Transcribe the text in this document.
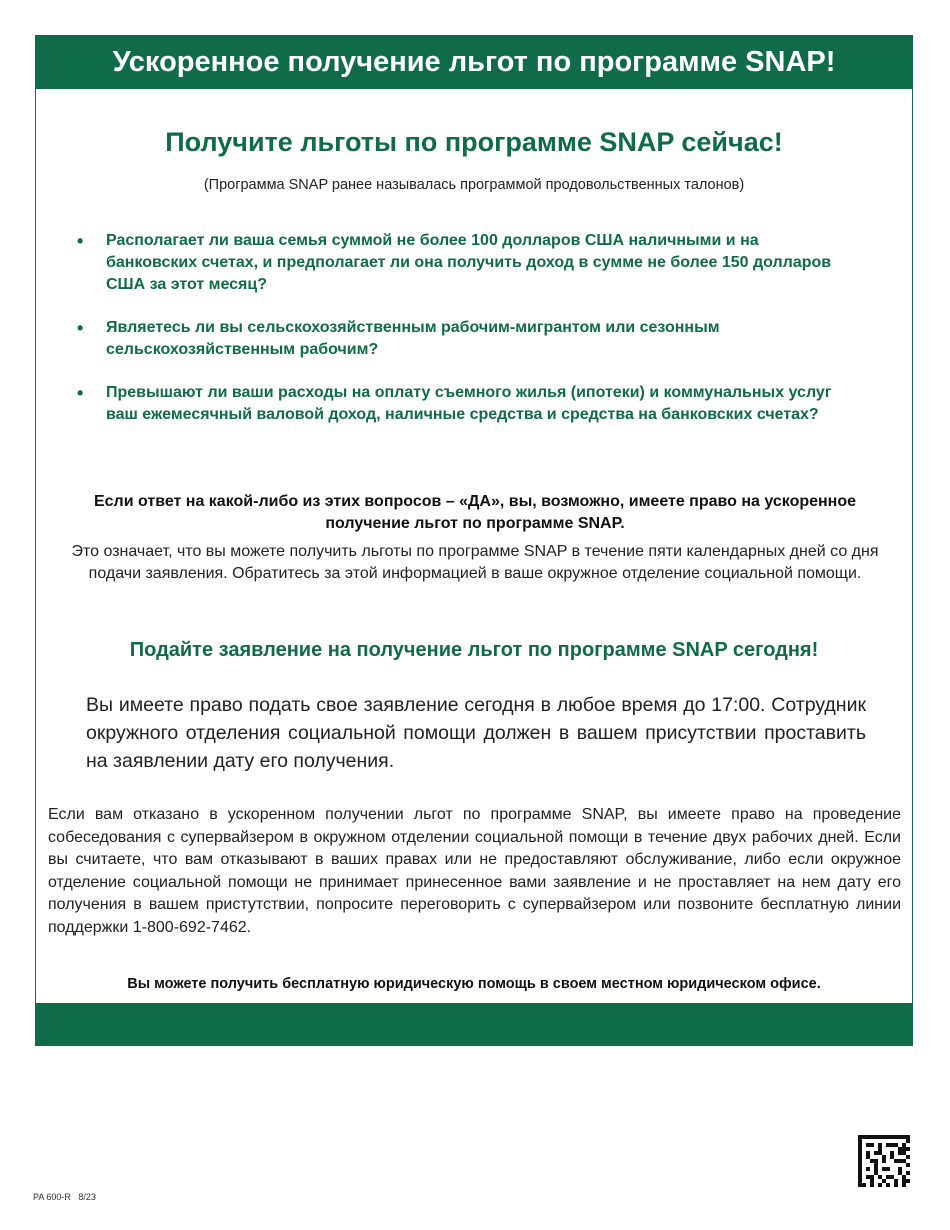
Ускоренное получение льгот по программе SNAP!
Получите льготы по программе SNAP сейчас!
(Программа SNAP ранее называлась программой продовольственных талонов)
• Располагает ли ваша семья суммой не более 100 долларов США наличными и на банковских счетах, и предполагает ли она получить доход в сумме не более 150 долларов США за этот месяц?
• Являетесь ли вы сельскохозяйственным рабочим-мигрантом или сезонным сельскохозяйственным рабочим?
• Превышают ли ваши расходы на оплату съемного жилья (ипотеки) и коммунальных услуг ваш ежемесячный валовой доход, наличные средства и средства на банковских счетах?
Если ответ на какой-либо из этих вопросов – «ДА», вы, возможно, имеете право на ускоренное получение льгот по программе SNAP.
Это означает, что вы можете получить льготы по программе SNAP в течение пяти календарных дней со дня подачи заявления. Обратитесь за этой информацией в ваше окружное отделение социальной помощи.
Подайте заявление на получение льгот по программе SNAP сегодня!
Вы имеете право подать свое заявление сегодня в любое время до 17:00. Сотрудник окружного отделения социальной помощи должен в вашем присутствии проставить на заявлении дату его получения.
Если вам отказано в ускоренном получении льгот по программе SNAP, вы имеете право на проведение собеседования с супервайзером в окружном отделении социальной помощи в течение двух рабочих дней. Если вы считаете, что вам отказывают в ваших правах или не предоставляют обслуживание, либо если окружное отделение социальной помощи не принимает принесенное вами заявление и не проставляет на нем дату его получения в вашем пристутствии, попросите переговорить с супервайзером или позвоните бесплатную линии поддержки 1-800-692-7462.
Вы можете получить бесплатную юридическую помощь в своем местном юридическом офисе.
PA 600-R   8/23
